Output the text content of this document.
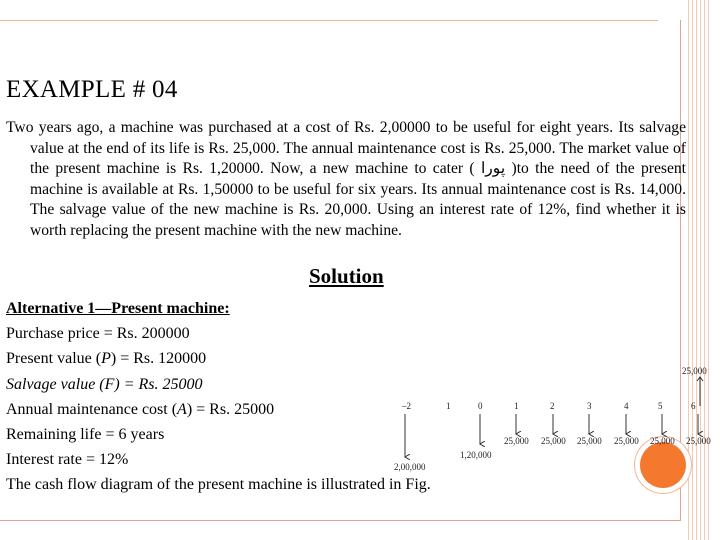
EXAMPLE # 04

Two years ago, a machine was purchased at a cost of Rs. 2,00000 to be useful for eight years. Its salvage value at the end of its life is Rs. 25,000. The annual maintenance cost is Rs. 25,000. The market value of the present machine is Rs. 1,20000. Now, a new machine to cater ( پورا )to the need of the present machine is available at Rs. 1,50000 to be useful for six years. Its annual maintenance cost is Rs. 14,000. The salvage value of the new machine is Rs. 20,000. Using an interest rate of 12%, find whether it is worth replacing the present machine with the new machine.

Solution
Alternative 1—Present machine:
Purchase price = Rs. 200000
Present value (P) = Rs. 120000
Salvage value (F) = Rs. 25000
Annual maintenance cost (A) = Rs. 25000
Remaining life = 6 years
Interest rate = 12%
The cash flow diagram of the present machine is illustrated in Fig.
–2	1	0	1	2	3	4	5	6
25,000
2,00,000
1,20,000
25,000 25,000 25,000 25,000 25,000 25,000
